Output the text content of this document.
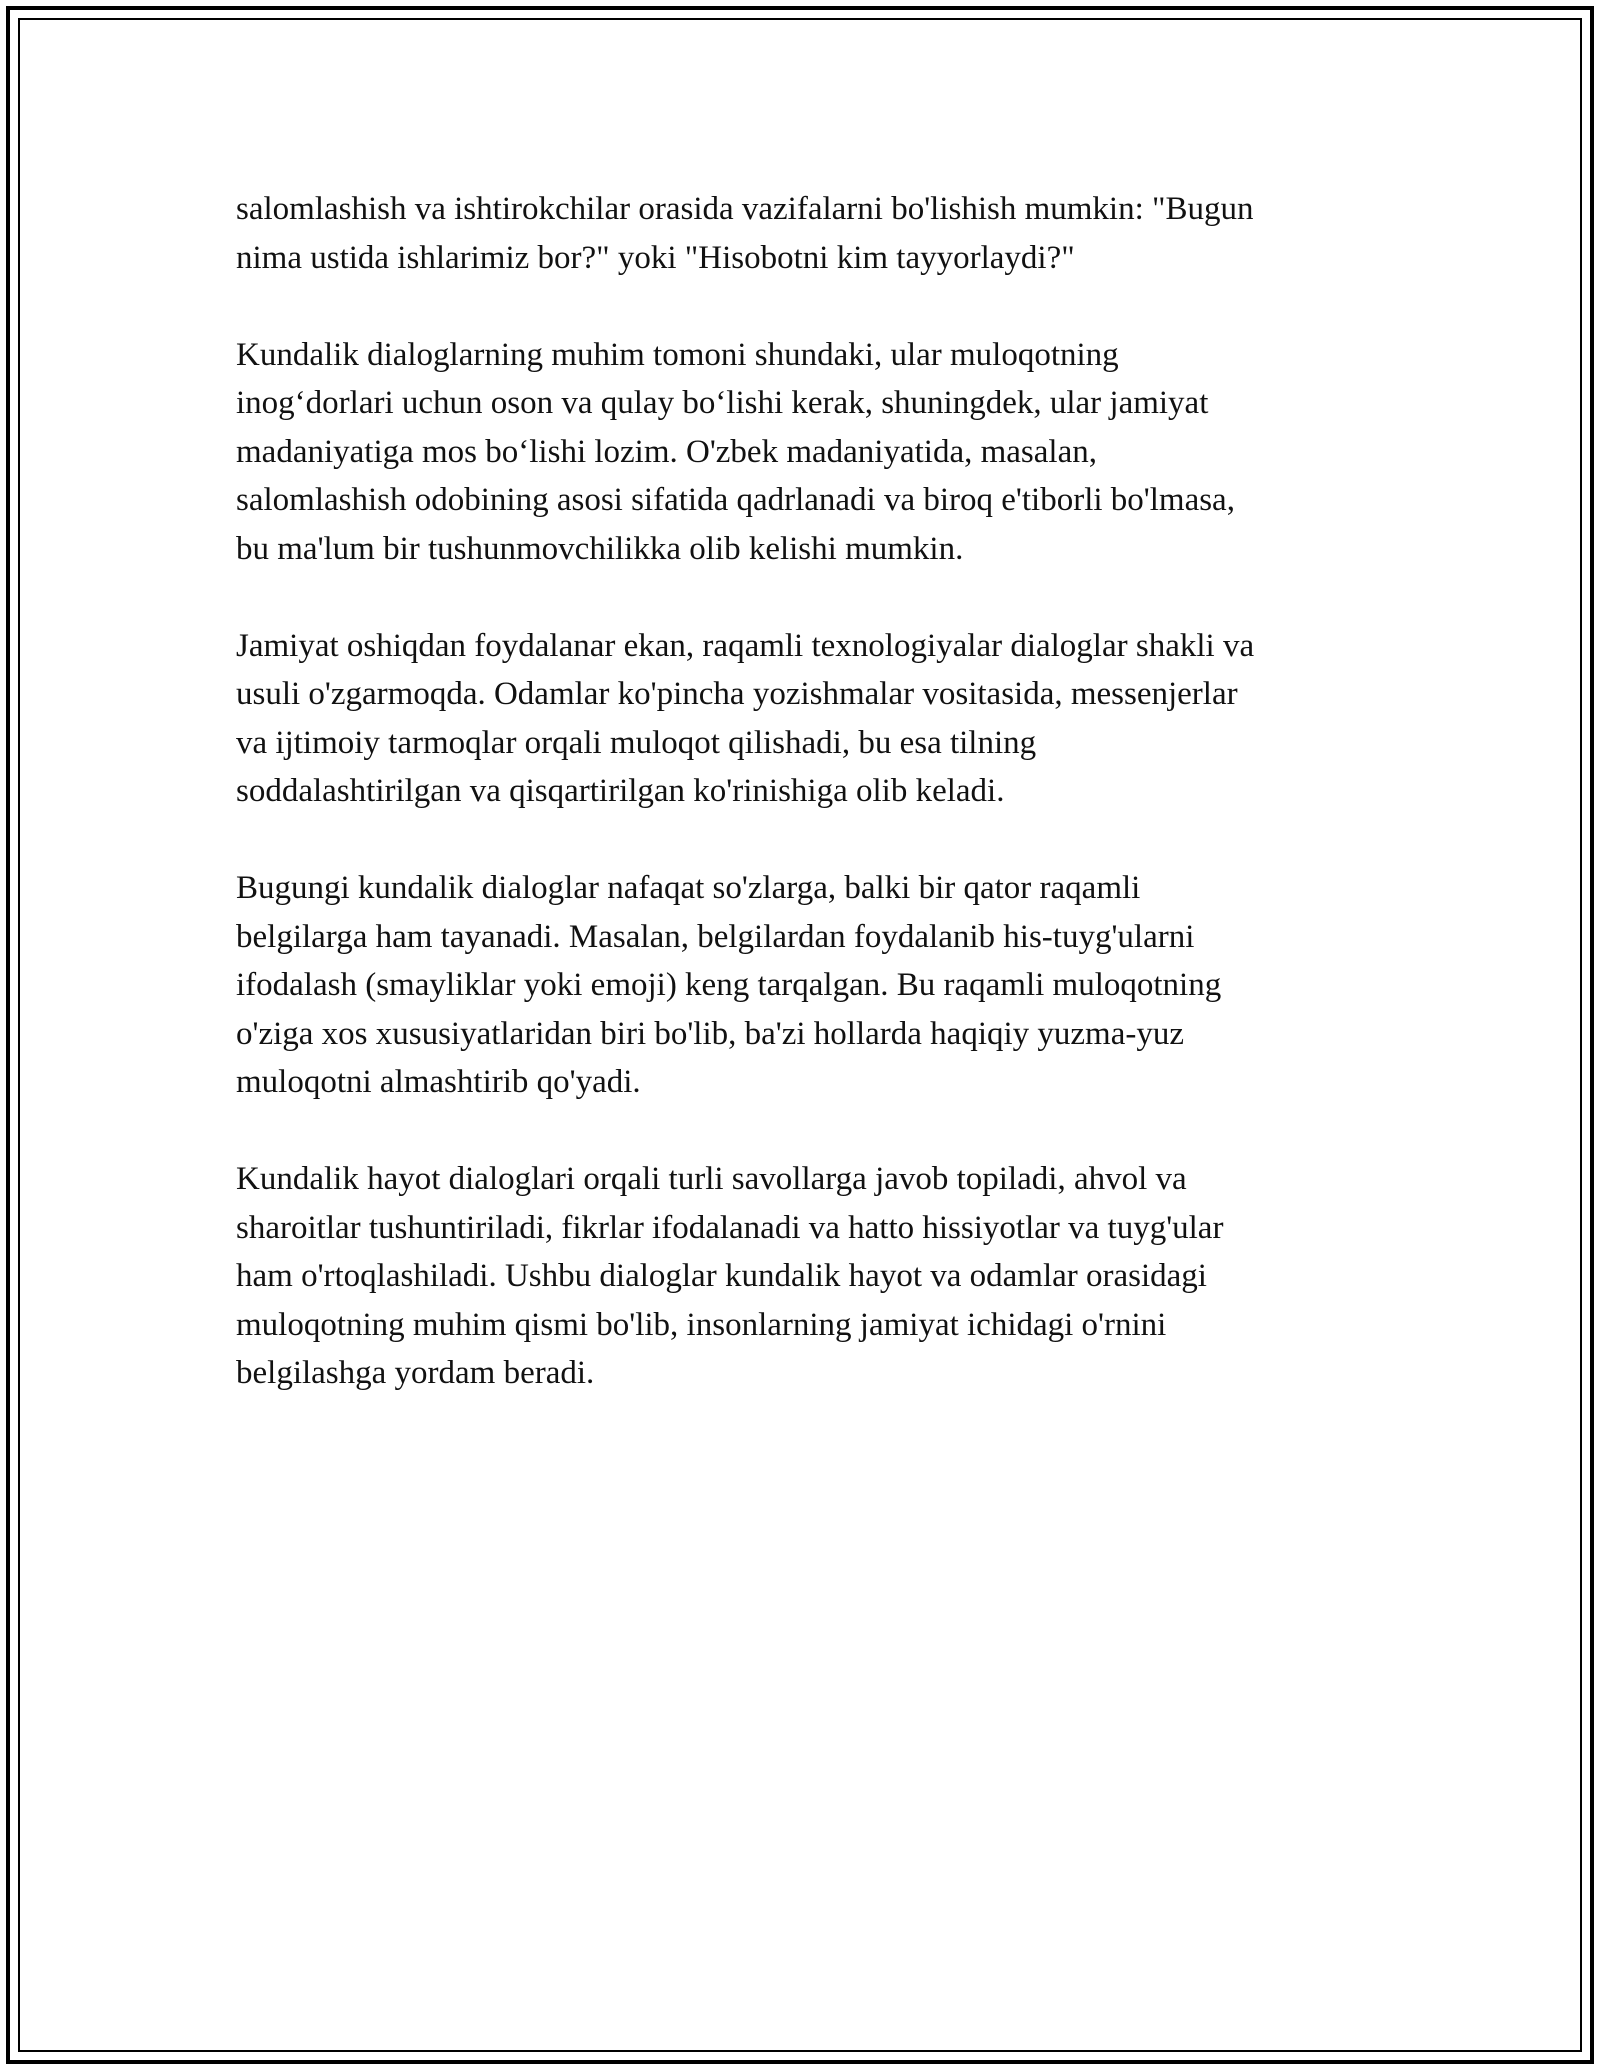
salomlashish va ishtirokchilar orasida vazifalarni bo'lishish mumkin: "Bugun
nima ustida ishlarimiz bor?" yoki "Hisobotni kim tayyorlaydi?"

Kundalik dialoglarning muhim tomoni shundaki, ular muloqotning
inog‘dorlari uchun oson va qulay bo‘lishi kerak, shuningdek, ular jamiyat
madaniyatiga mos bo‘lishi lozim. O'zbek madaniyatida, masalan,
salomlashish odobining asosi sifatida qadrlanadi va biroq e'tiborli bo'lmasa,
bu ma'lum bir tushunmovchilikka olib kelishi mumkin.

Jamiyat oshiqdan foydalanar ekan, raqamli texnologiyalar dialoglar shakli va
usuli o'zgarmoqda. Odamlar ko'pincha yozishmalar vositasida, messenjerlar
va ijtimoiy tarmoqlar orqali muloqot qilishadi, bu esa tilning
soddalashtirilgan va qisqartirilgan ko'rinishiga olib keladi.

Bugungi kundalik dialoglar nafaqat so'zlarga, balki bir qator raqamli
belgilarga ham tayanadi. Masalan, belgilardan foydalanib his-tuyg'ularni
ifodalash (smayliklar yoki emoji) keng tarqalgan. Bu raqamli muloqotning
o'ziga xos xususiyatlaridan biri bo'lib, ba'zi hollarda haqiqiy yuzma-yuz
muloqotni almashtirib qo'yadi.

Kundalik hayot dialoglari orqali turli savollarga javob topiladi, ahvol va
sharoitlar tushuntiriladi, fikrlar ifodalanadi va hatto hissiyotlar va tuyg'ular
ham o'rtoqlashiladi. Ushbu dialoglar kundalik hayot va odamlar orasidagi
muloqotning muhim qismi bo'lib, insonlarning jamiyat ichidagi o'rnini
belgilashga yordam beradi.
